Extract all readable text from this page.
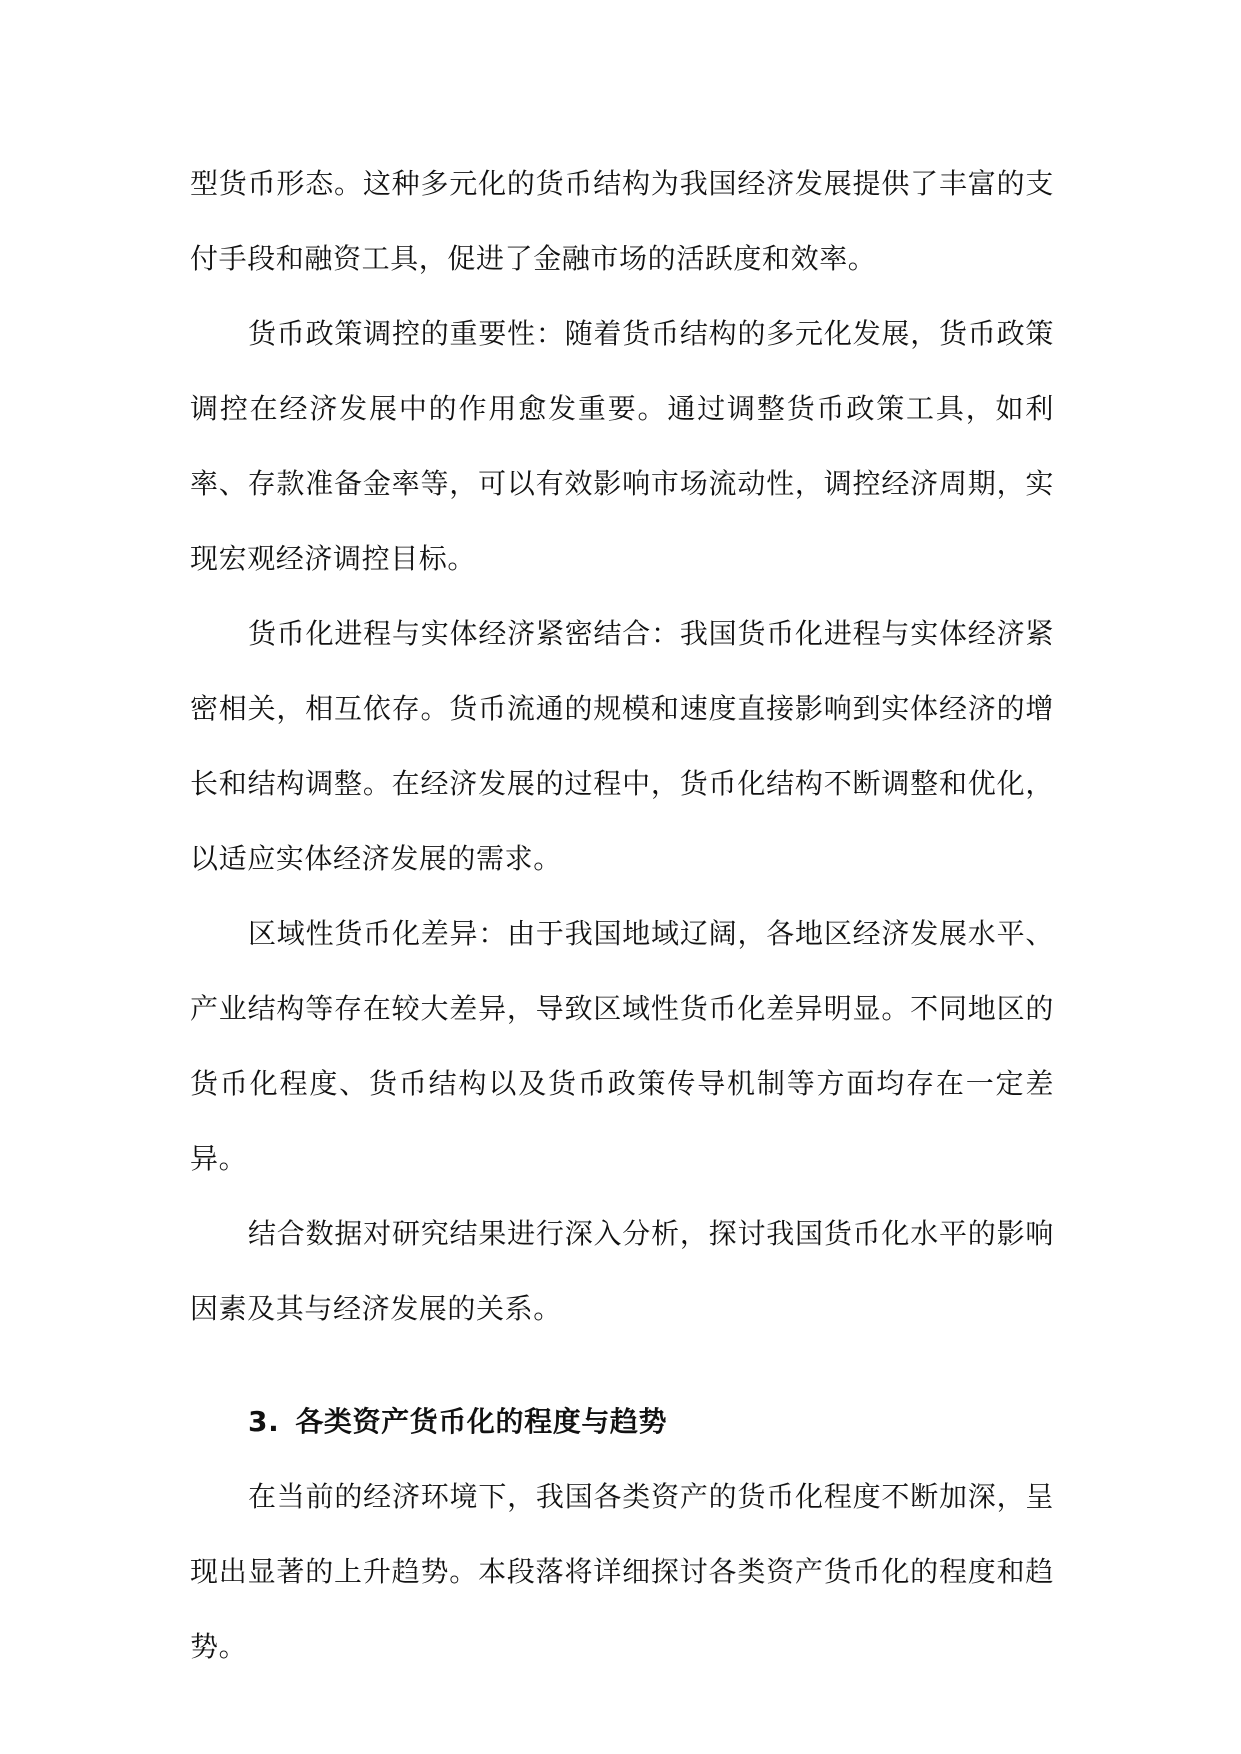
型货币形态。这种多元化的货币结构为我国经济发展提供了丰富的支付手段和融资工具，促进了金融市场的活跃度和效率。

货币政策调控的重要性：随着货币结构的多元化发展，货币政策调控在经济发展中的作用愈发重要。通过调整货币政策工具，如利率、存款准备金率等，可以有效影响市场流动性，调控经济周期，实现宏观经济调控目标。

货币化进程与实体经济紧密结合：我国货币化进程与实体经济紧密相关，相互依存。货币流通的规模和速度直接影响到实体经济的增长和结构调整。在经济发展的过程中，货币化结构不断调整和优化，以适应实体经济发展的需求。

区域性货币化差异：由于我国地域辽阔，各地区经济发展水平、产业结构等存在较大差异，导致区域性货币化差异明显。不同地区的货币化程度、货币结构以及货币政策传导机制等方面均存在一定差异。

结合数据对研究结果进行深入分析，探讨我国货币化水平的影响因素及其与经济发展的关系。

3. 各类资产货币化的程度与趋势

在当前的经济环境下，我国各类资产的货币化程度不断加深，呈现出显著的上升趋势。本段落将详细探讨各类资产货币化的程度和趋势。
